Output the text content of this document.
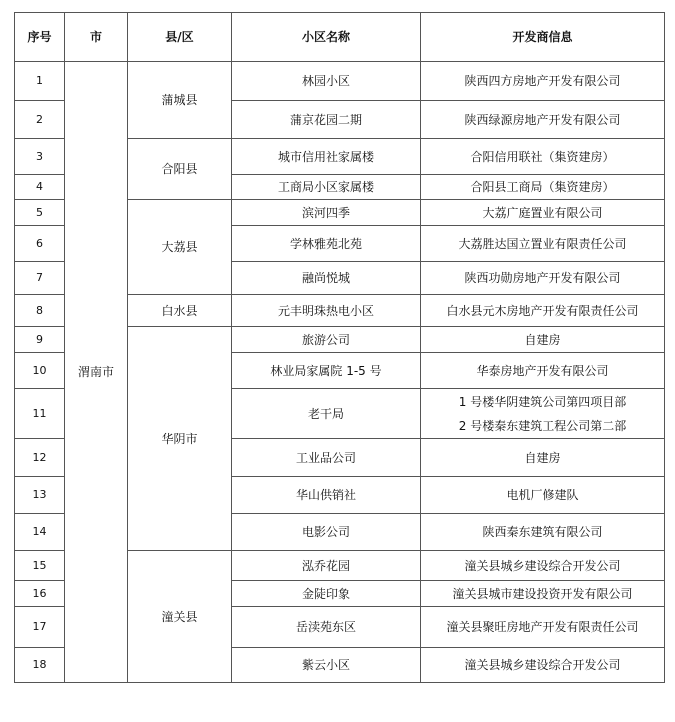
序号	市	县/区	小区名称	开发商信息
1	渭南市	蒲城县	林园小区	陕西四方房地产开发有限公司
2			蒲京花园二期	陕西绿源房地产开发有限公司
3		合阳县	城市信用社家属楼	合阳信用联社（集资建房）
4			工商局小区家属楼	合阳县工商局（集资建房）
5		大荔县	滨河四季	大荔广庭置业有限公司
6			学林雅苑北苑	大荔胜达国立置业有限责任公司
7			融尚悦城	陕西功勋房地产开发有限公司
8		白水县	元丰明珠热电小区	白水县元木房地产开发有限责任公司
9		华阴市	旅游公司	自建房
10			林业局家属院 1-5 号	华泰房地产开发有限公司
11			老干局	1 号楼华阴建筑公司第四项目部
2 号楼秦东建筑工程公司第二部

12			工业品公司	自建房
13			华山供销社	电机厂修建队
14			电影公司	陕西秦东建筑有限公司
15		潼关县	泓乔花园	潼关县城乡建设综合开发公司
16			金陡印象	潼关县城市建设投资开发有限公司
17			岳渎苑东区	潼关县聚旺房地产开发有限责任公司
18			紫云小区	潼关县城乡建设综合开发公司
